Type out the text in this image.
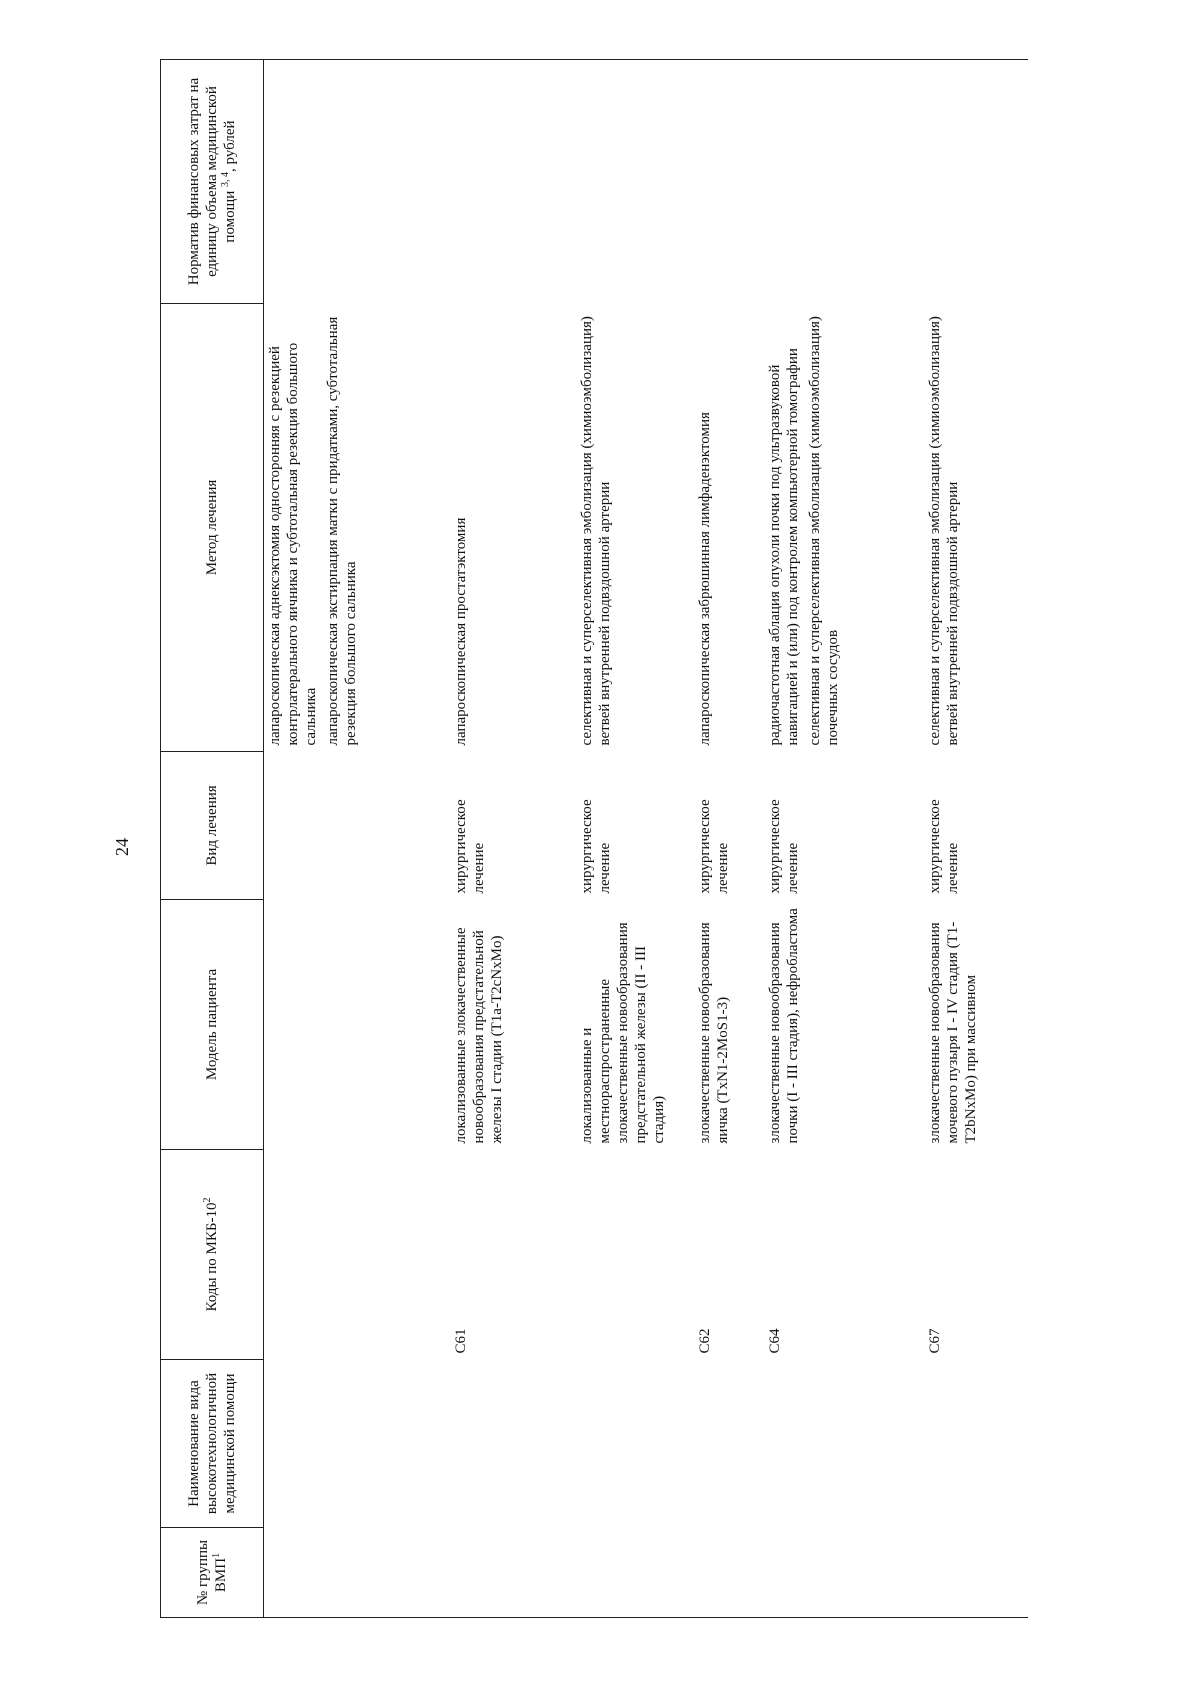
24
№ группы ВМП$^1$	Наименование вида высокотехнологичной медицинской помощи	Коды по МКБ-$10^2$	Модель пациента	Вид лечения	Метод лечения	Норматив финансовых затрат на единицу объема медицинской помощи $^{3, 4}$, рублей

					лапароскопическая аднексэктомия односторонняя с резекцией контрлатерального яичника и субтотальная резекция большого сальника лапароскопическая экстирпация матки с придатками, субтотальная резекция большого сальника	

		C61	локализованные злокачественные новообразования предстательной железы I стадии (T1a-T2cNxMo)	хирургическое лечение	лапароскопическая простатэктомия	

			локализованные и местнораспространенные злокачественные новообразования предстательной железы (II - III стадия)	хирургическое лечение	селективная и суперселективная эмболизация (химиоэмболизация) ветвей внутренней подвздошной артерии	

		C62	злокачественные новообразования яичка (TxN1-2MoS1-3)	хирургическое лечение	лапароскопическая забрюшинная лимфаденэктомия	

		C64	злокачественные новообразования почки (I - III стадия), нефробластома	хирургическое лечение	радиочастотная аблация опухоли почки под ультразвуковой навигацией и (или) под контролем компьютерной томографии селективная и суперселективная эмболизация (химиоэмболизация) почечных сосудов	

		C67	злокачественные новообразования мочевого пузыря I - IV стадия (T1-T2bNxMo) при массивном	хирургическое лечение	селективная и суперселективная эмболизация (химиоэмболизация) ветвей внутренней подвздошной артерии	
